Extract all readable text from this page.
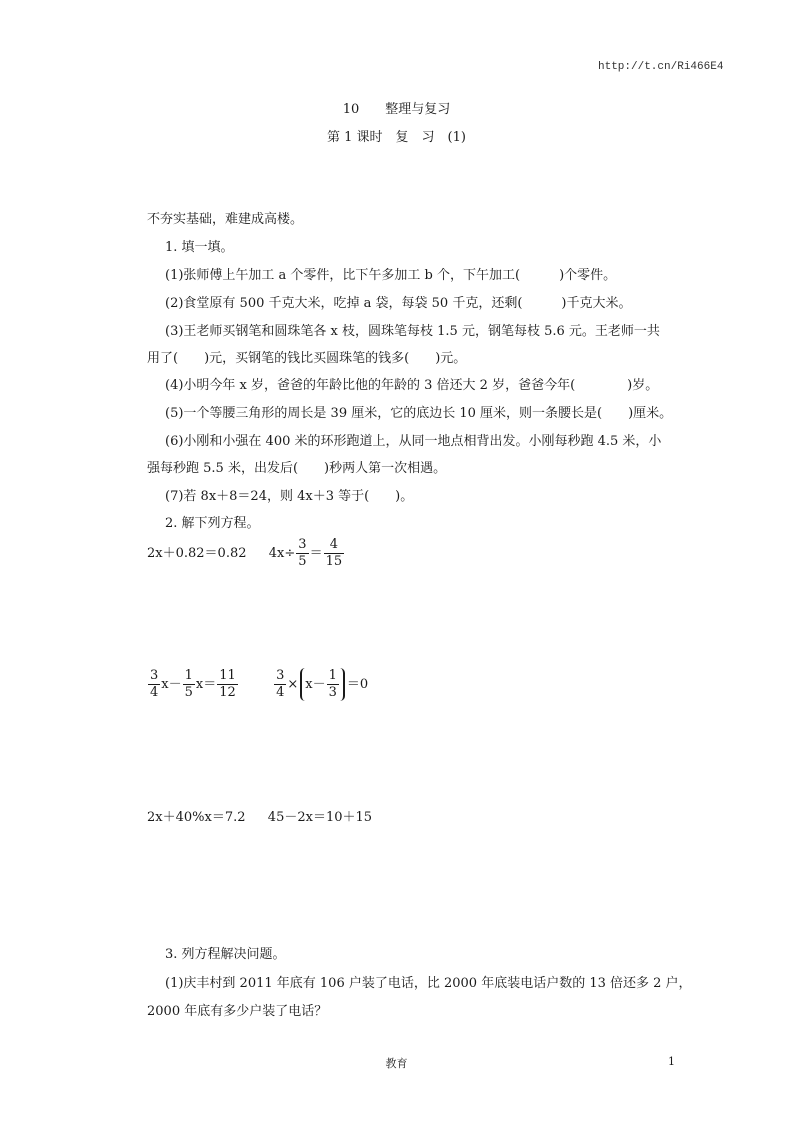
http://t.cn/Ri466E4
10　　整理与复习
第 1 课时　复　习　(1)
不夯实基础，难建成高楼。
1. 填一填。
(1)张师傅上午加工 a 个零件，比下午多加工 b 个，下午加工(　　　)个零件。
(2)食堂原有 500 千克大米，吃掉 a 袋，每袋 50 千克，还剩(　　　)千克大米。
(3)王老师买钢笔和圆珠笔各 x 枝，圆珠笔每枝 1.5 元，钢笔每枝 5.6 元。王老师一共
用了(　　)元，买钢笔的钱比买圆珠笔的钱多(　　)元。
(4)小明今年 x 岁，爸爸的年龄比他的年龄的 3 倍还大 2 岁，爸爸今年(　　　　)岁。
(5)一个等腰三角形的周长是 39 厘米，它的底边长 10 厘米，则一条腰长是(　　)厘米。
(6)小刚和小强在 400 米的环形跑道上，从同一地点相背出发。小刚每秒跑 4.5 米，小
强每秒跑 5.5 米，出发后(　　)秒两人第一次相遇。
(7)若 8x＋8＝24，则 4x＋3 等于(　　)。
2. 解下列方程。
2x＋0.82＝0.82 $4x\div \frac{3}{5} = \frac{4}{15}$
$\frac{3}{4} x- \frac{1}{5} x= \frac{11}{12}$
	$\frac{3}{4} \times x- \frac{1}{3} =0$
2x＋40%x＝7.2 45－2x＝10＋15
3. 列方程解决问题。
(1)庆丰村到 2011 年底有 106 户装了电话，比 2000 年底装电话户数的 13 倍还多 2 户，
2000 年底有多少户装了电话？
教育	1
